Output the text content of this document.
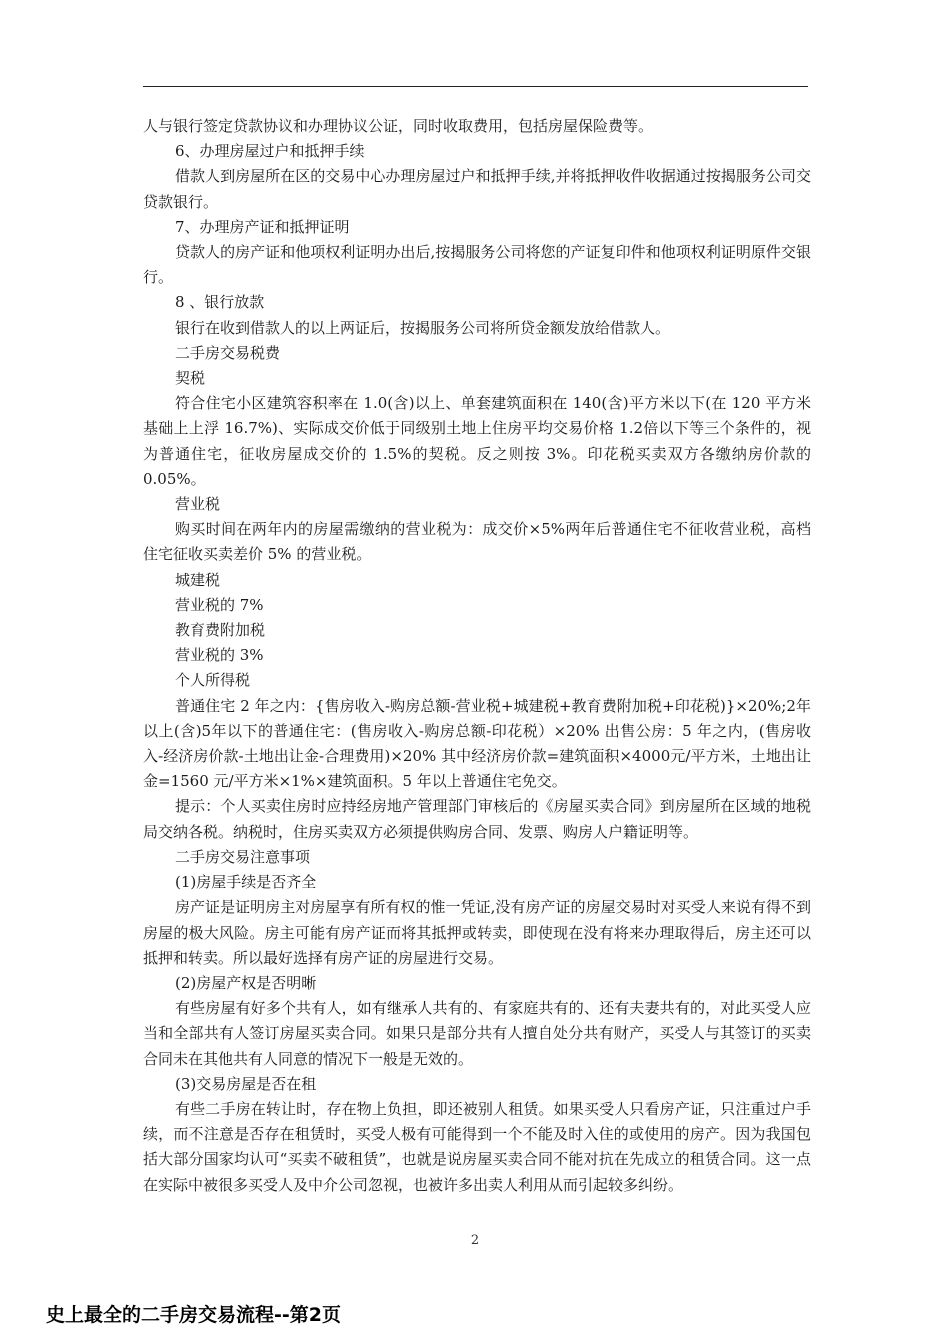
人与银行签定贷款协议和办理协议公证，同时收取费用，包括房屋保险费等。

6、办理房屋过户和抵押手续

借款人到房屋所在区的交易中心办理房屋过户和抵押手续,并将抵押收件收据通过按揭服务公司交贷款银行。

7、办理房产证和抵押证明

贷款人的房产证和他项权利证明办出后,按揭服务公司将您的产证复印件和他项权利证明原件交银行。

8 、银行放款

银行在收到借款人的以上两证后，按揭服务公司将所贷金额发放给借款人。

二手房交易税费

契税

符合住宅小区建筑容积率在 1.0(含)以上、单套建筑面积在 140(含)平方米以下(在 120 平方米基础上上浮 16.7%)、实际成交价低于同级别土地上住房平均交易价格 1.2倍以下等三个条件的，视为普通住宅，征收房屋成交价的 1.5%的契税。反之则按 3%。印花税买卖双方各缴纳房价款的 0.05%。

营业税

购买时间在两年内的房屋需缴纳的营业税为：成交价×5%两年后普通住宅不征收营业税，高档住宅征收买卖差价 5% 的营业税。

城建税

营业税的 7%

教育费附加税

营业税的 3%

个人所得税

普通住宅 2 年之内：{售房收入-购房总额-营业税+城建税+教育费附加税+印花税)}×20%;2年以上(含)5年以下的普通住宅：(售房收入-购房总额-印花税）×20% 出售公房：5 年之内，(售房收入-经济房价款-土地出让金-合理费用)×20% 其中经济房价款=建筑面积×4000元/平方米，土地出让金=1560 元/平方米×1%×建筑面积。5 年以上普通住宅免交。

提示：个人买卖住房时应持经房地产管理部门审核后的《房屋买卖合同》到房屋所在区域的地税局交纳各税。纳税时，住房买卖双方必须提供购房合同、发票、购房人户籍证明等。

二手房交易注意事项

(1)房屋手续是否齐全

房产证是证明房主对房屋享有所有权的惟一凭证,没有房产证的房屋交易时对买受人来说有得不到房屋的极大风险。房主可能有房产证而将其抵押或转卖，即使现在没有将来办理取得后，房主还可以抵押和转卖。所以最好选择有房产证的房屋进行交易。

(2)房屋产权是否明晰

有些房屋有好多个共有人，如有继承人共有的、有家庭共有的、还有夫妻共有的，对此买受人应当和全部共有人签订房屋买卖合同。如果只是部分共有人擅自处分共有财产，买受人与其签订的买卖合同未在其他共有人同意的情况下一般是无效的。

(3)交易房屋是否在租

有些二手房在转让时，存在物上负担，即还被别人租赁。如果买受人只看房产证，只注重过户手续，而不注意是否存在租赁时，买受人极有可能得到一个不能及时入住的或使用的房产。因为我国包括大部分国家均认可“买卖不破租赁”，也就是说房屋买卖合同不能对抗在先成立的租赁合同。这一点在实际中被很多买受人及中介公司忽视，也被许多出卖人利用从而引起较多纠纷。

2
史上最全的二手房交易流程--第2页
